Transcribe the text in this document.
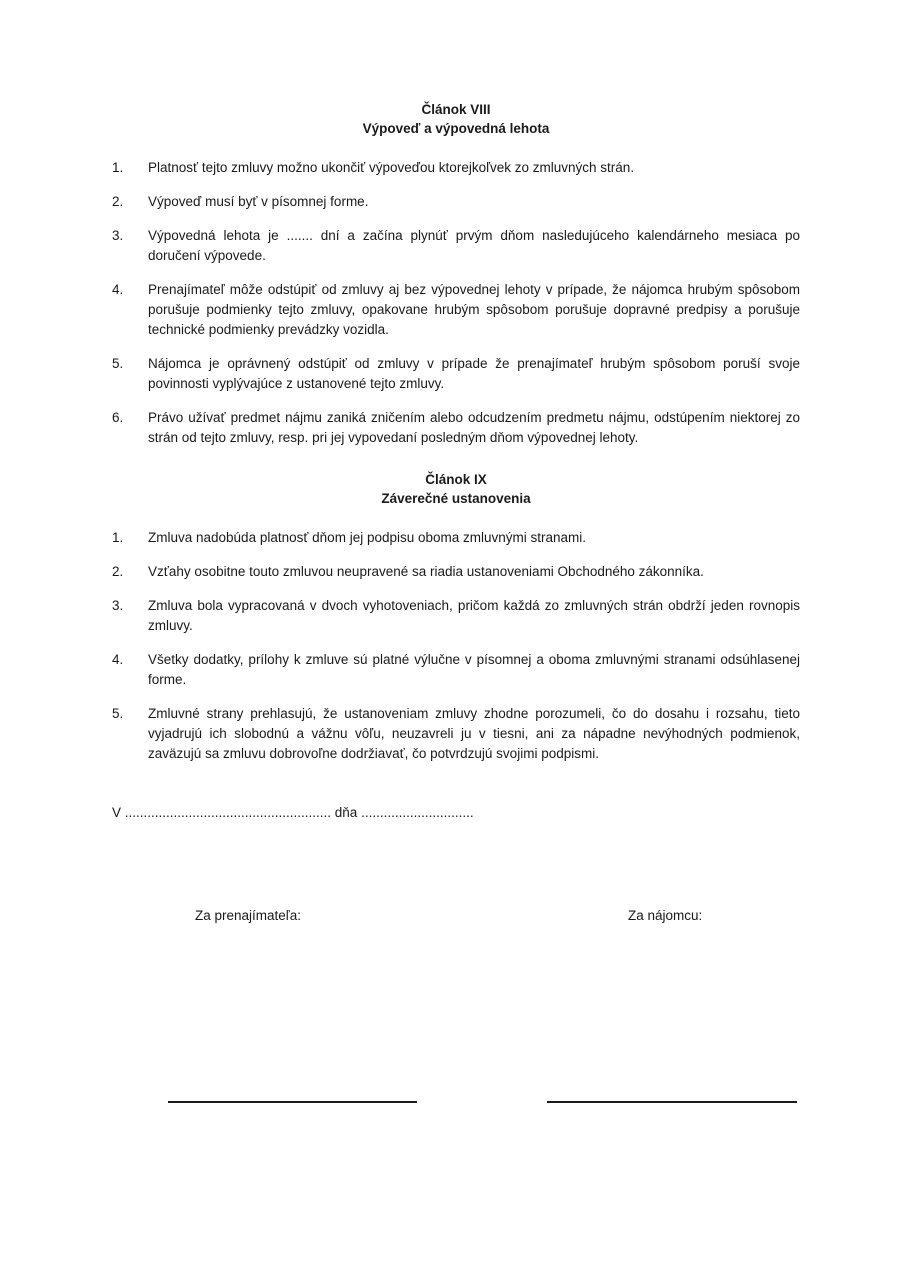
Článok VIII
Výpoveď a výpovedná lehota
1.	Platnosť tejto zmluvy možno ukončiť výpoveďou ktorejkoľvek zo zmluvných strán.
2.	Výpoveď musí byť v písomnej forme.
3.	Výpovedná lehota je ....... dní a začína plynúť prvým dňom nasledujúceho kalendárneho mesiaca po doručení výpovede.
4.	Prenajímateľ môže odstúpiť od zmluvy aj bez výpovednej lehoty v prípade, že nájomca hrubým spôsobom porušuje podmienky tejto zmluvy, opakovane hrubým spôsobom porušuje dopravné predpisy a porušuje technické podmienky prevádzky vozidla.
5.	Nájomca je oprávnený odstúpiť od zmluvy v prípade že prenajímateľ hrubým spôsobom poruší svoje povinnosti vyplývajúce z ustanovené tejto zmluvy.
6.	Právo užívať predmet nájmu zaniká zničením alebo odcudzením predmetu nájmu, odstúpením niektorej zo strán od tejto zmluvy, resp. pri jej vypovedaní posledným dňom výpovednej lehoty.
Článok IX
Záverečné ustanovenia
1.	Zmluva nadobúda platnosť dňom jej podpisu oboma zmluvnými stranami.
2.	Vzťahy osobitne touto zmluvou neupravené sa riadia ustanoveniami Obchodného zákonníka.
3.	Zmluva bola vypracovaná v dvoch vyhotoveniach, pričom každá zo zmluvných strán obdrží jeden rovnopis zmluvy.
4.	Všetky dodatky, prílohy k zmluve sú platné výlučne v písomnej a oboma zmluvnými stranami odsúhlasenej forme.
5.	Zmluvné strany prehlasujú, že ustanoveniam zmluvy zhodne porozumeli, čo do dosahu i rozsahu, tieto vyjadrujú ich slobodnú a vážnu vôľu, neuzavreli ju v tiesni, ani za nápadne nevýhodných podmienok, zaväzujú sa zmluvu dobrovoľne dodržiavať, čo potvrdzujú svojimi podpismi.
V ....................................................... dňa ..............................
Za prenajímateľa:	Za nájomcu:
